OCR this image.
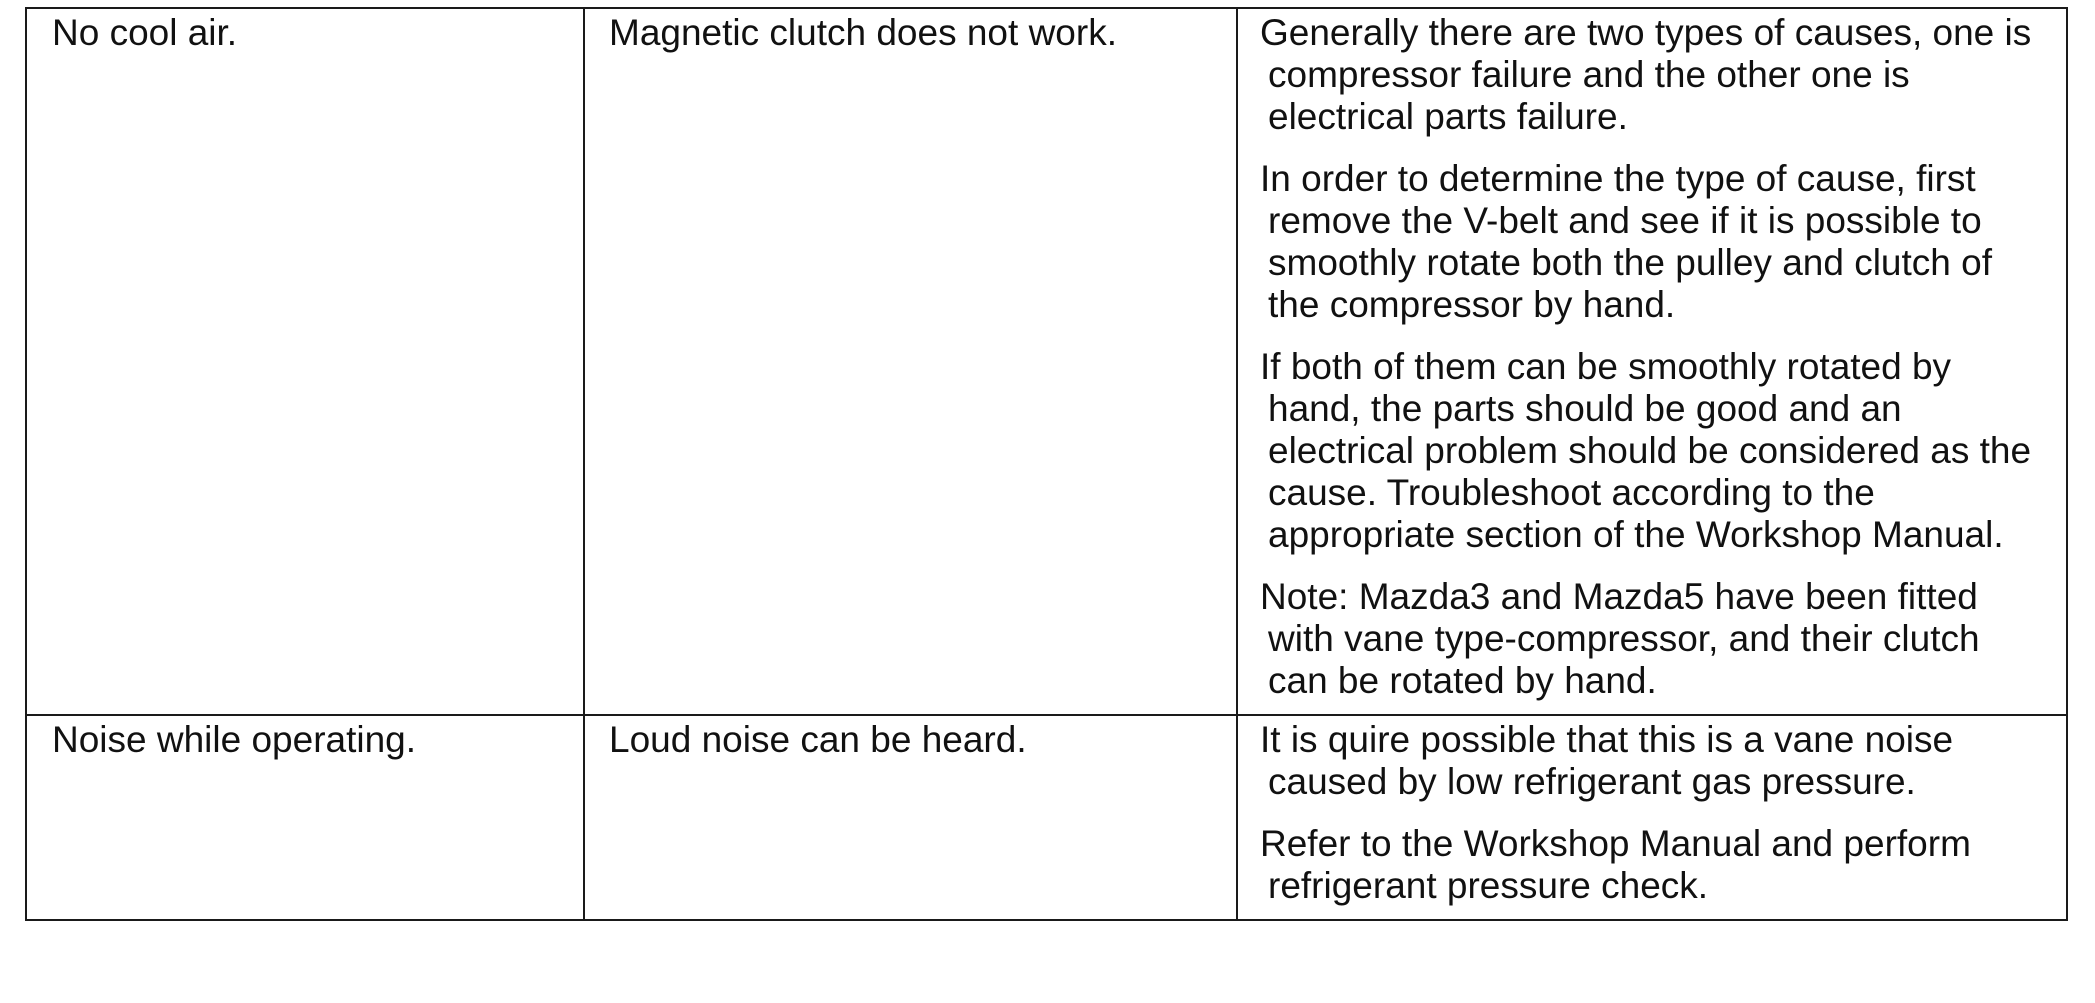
No cool air.	Magnetic clutch does not work.	Generally there are two types of causes, one is compressor failure and the other one is electrical parts failure.

In order to determine the type of cause, first remove the V-belt and see if it is possible to smoothly rotate both the pulley and clutch of the compressor by hand.

If both of them can be smoothly rotated by hand, the parts should be good and an electrical problem should be considered as the cause. Troubleshoot according to the appropriate section of the Workshop Manual.

Note: Mazda3 and Mazda5 have been fitted with vane type-compressor, and their clutch can be rotated by hand.

Noise while operating.	Loud noise can be heard.	It is quire possible that this is a vane noise caused by low refrigerant gas pressure.

Refer to the Workshop Manual and perform refrigerant pressure check.
